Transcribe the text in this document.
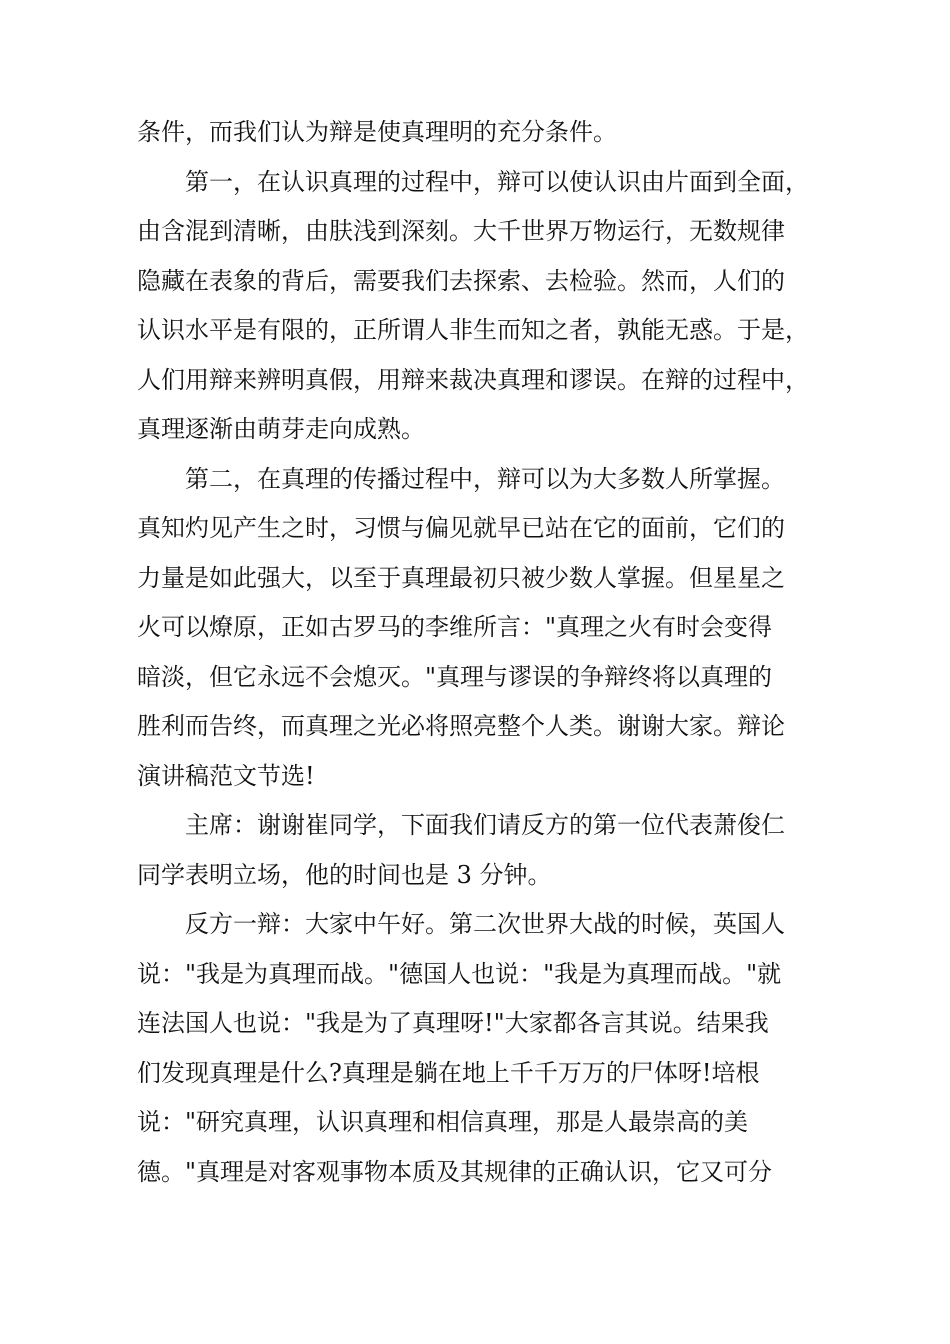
条件，而我们认为辩是使真理明的充分条件。
第一，在认识真理的过程中，辩可以使认识由片面到全面，
由含混到清晰，由肤浅到深刻。大千世界万物运行，无数规律
隐藏在表象的背后，需要我们去探索、去检验。然而，人们的
认识水平是有限的，正所谓人非生而知之者，孰能无惑。于是，
人们用辩来辨明真假，用辩来裁决真理和谬误。在辩的过程中，
真理逐渐由萌芽走向成熟。
第二，在真理的传播过程中，辩可以为大多数人所掌握。
真知灼见产生之时，习惯与偏见就早已站在它的面前，它们的
力量是如此强大，以至于真理最初只被少数人掌握。但星星之
火可以燎原，正如古罗马的李维所言："真理之火有时会变得
暗淡，但它永远不会熄灭。"真理与谬误的争辩终将以真理的
胜利而告终，而真理之光必将照亮整个人类。谢谢大家。辩论
演讲稿范文节选!
主席：谢谢崔同学，下面我们请反方的第一位代表萧俊仁
同学表明立场，他的时间也是 3 分钟。
反方一辩：大家中午好。第二次世界大战的时候，英国人
说："我是为真理而战。"德国人也说："我是为真理而战。"就
连法国人也说："我是为了真理呀!"大家都各言其说。结果我
们发现真理是什么?真理是躺在地上千千万万的尸体呀!培根
说："研究真理，认识真理和相信真理，那是人最崇高的美
德。"真理是对客观事物本质及其规律的正确认识，它又可分
